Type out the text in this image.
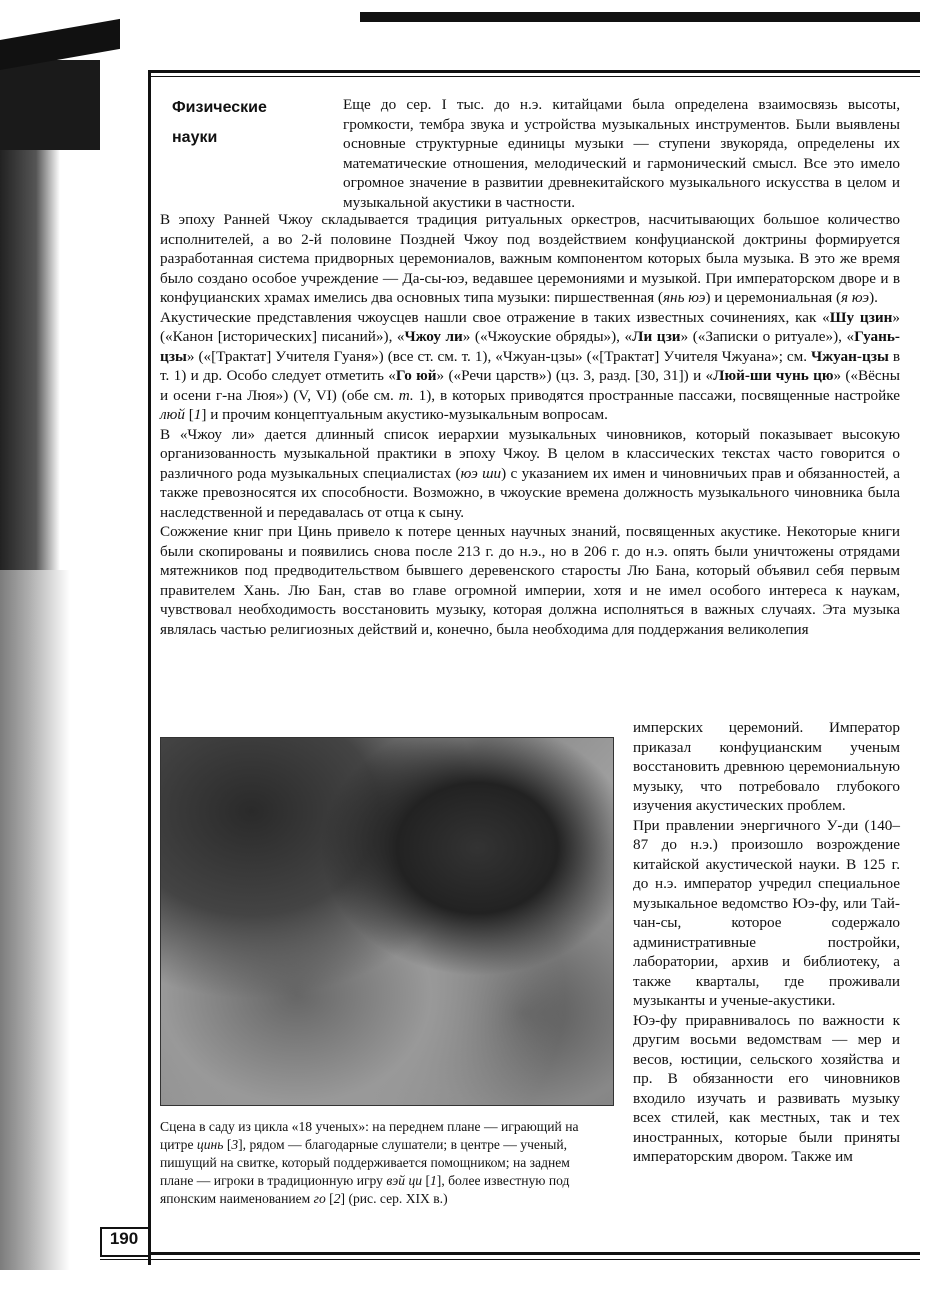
Физические
науки

Еще до сер. I тыс. до н.э. китайцами была определена взаимосвязь высоты, громкости, тембра звука и устройства музыкальных инструментов. Были выявлены основные структурные единицы музыки — ступени звукоряда, определены их математические отношения, мелодический и гармонический смысл. Все это имело огромное значение в развитии древнекитайского музыкального искусства в целом и музыкальной акустики в частности.

В эпоху Ранней Чжоу складывается традиция ритуальных оркестров, насчитывающих большое количество исполнителей, а во 2-й половине Поздней Чжоу под воздействием конфуцианской доктрины формируется разработанная система придворных церемониалов, важным компонентом которых была музыка. В это же время было создано особое учреждение — Да-сы-юэ, ведавшее церемониями и музыкой. При императорском дворе и в конфуцианских храмах имелись два основных типа музыки: пиршественная (янь юэ) и церемониальная (я юэ).

Акустические представления чжоусцев нашли свое отражение в таких известных сочинениях, как «Шу цзин» («Канон [исторических] писаний»), «Чжоу ли» («Чжоуские обряды»), «Ли цзи» («Записки о ритуале»), «Гуань-цзы» («[Трактат] Учителя Гуаня») (все ст. см. т. 1), «Чжуан-цзы» («[Трактат] Учителя Чжуана»; см. Чжуан-цзы в т. 1) и др. Особо следует отметить «Го юй» («Речи царств») (цз. 3, разд. [30, 31]) и «Люй-ши чунь цю» («Вёсны и осени г-на Люя») (V, VI) (обе см. т. 1), в которых приводятся пространные пассажи, посвященные настройке люй [1] и прочим концептуальным акустико-музыкальным вопросам.

В «Чжоу ли» дается длинный список иерархии музыкальных чиновников, который показывает высокую организованность музыкальной практики в эпоху Чжоу. В целом в классических текстах часто говорится о различного рода музыкальных специалистах (юэ ши) с указанием их имен и чиновничьих прав и обязанностей, а также превозносятся их способности. Возможно, в чжоуские времена должность музыкального чиновника была наследственной и передавалась от отца к сыну.

Сожжение книг при Цинь привело к потере ценных научных знаний, посвященных акустике. Некоторые книги были скопированы и появились снова после 213 г. до н.э., но в 206 г. до н.э. опять были уничтожены отрядами мятежников под предводительством бывшего деревенского старосты Лю Бана, который объявил себя первым правителем Хань. Лю Бан, став во главе огромной империи, хотя и не имел особого интереса к наукам, чувствовал необходимость восстановить музыку, которая должна исполняться в важных случаях. Эта музыка являлась частью религиозных действий и, конечно, была необходима для поддержания великолепия

Сцена в саду из цикла «18 ученых»: на переднем плане — играющий на цитре цинь [3], рядом — благодарные слушатели; в центре — ученый, пишущий на свитке, который поддерживается помощником; на заднем плане — игроки в традиционную игру вэй ци [1], более известную под японским наименованием го [2] (рис. сер. XIX в.)

имперских церемоний. Император приказал конфуцианским ученым восстановить древнюю церемониальную музыку, что потребовало глубокого изучения акустических проблем.

При правлении энергичного У-ди (140–87 до н.э.) произошло возрождение китайской акустической науки. В 125 г. до н.э. император учредил специальное музыкальное ведомство Юэ-фу, или Тай-чан-сы, которое содержало административные постройки, лаборатории, архив и библиотеку, а также кварталы, где проживали музыканты и ученые-акустики.

Юэ-фу приравнивалось по важности к другим восьми ведомствам — мер и весов, юстиции, сельского хозяйства и пр. В обязанности его чиновников входило изучать и развивать музыку всех стилей, как местных, так и тех иностранных, которые были приняты императорским двором. Также им

190
